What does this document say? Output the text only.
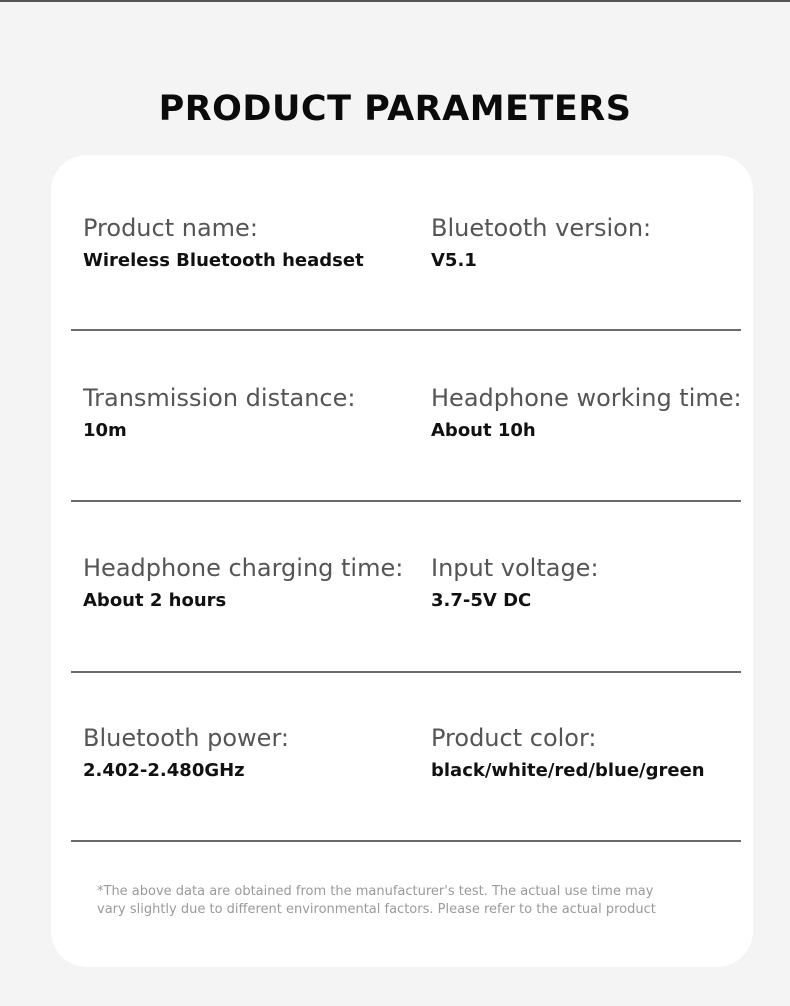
PRODUCT PARAMETERS
Product name:
Wireless Bluetooth headset
Bluetooth version:
V5.1
Transmission distance:
10m
Headphone working time:
About 10h
Headphone charging time:
About 2 hours
Input voltage:
3.7-5V DC
Bluetooth power:
2.402-2.480GHz
Product color:
black/white/red/blue/green
*The above data are obtained from the manufacturer's test. The actual use time may
vary slightly due to different environmental factors. Please refer to the actual product
